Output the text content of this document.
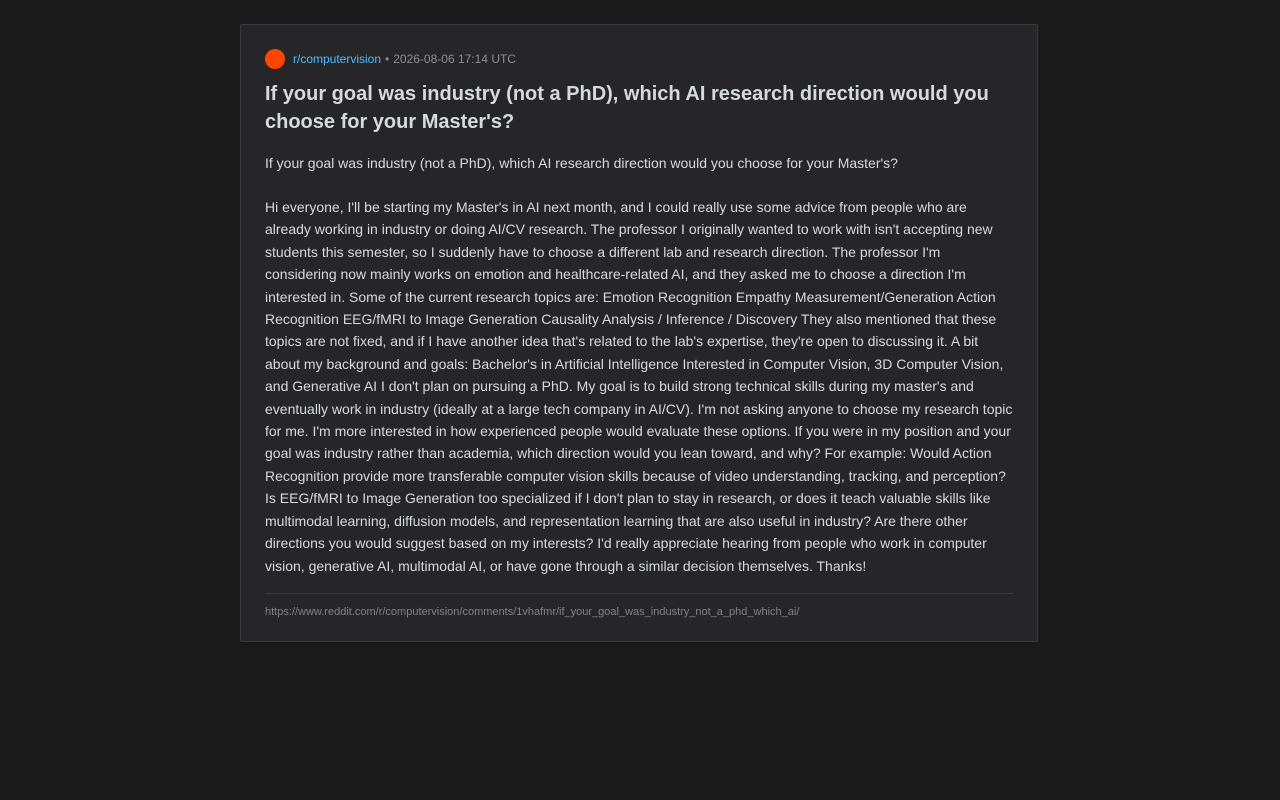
r/computervision • 2026-08-06 17:14 UTC
If your goal was industry (not a PhD), which AI research direction would you choose for your Master's?

If your goal was industry (not a PhD), which AI research direction would you choose for your Master's?

Hi everyone, I'll be starting my Master's in AI next month, and I could really use some advice from people who are already working in industry or doing AI/CV research. The professor I originally wanted to work with isn't accepting new students this semester, so I suddenly have to choose a different lab and research direction. The professor I'm considering now mainly works on emotion and healthcare-related AI, and they asked me to choose a direction I'm interested in. Some of the current research topics are: Emotion Recognition Empathy Measurement/Generation Action Recognition EEG/fMRI to Image Generation Causality Analysis / Inference / Discovery They also mentioned that these topics are not fixed, and if I have another idea that's related to the lab's expertise, they're open to discussing it. A bit about my background and goals: Bachelor's in Artificial Intelligence Interested in Computer Vision, 3D Computer Vision, and Generative AI I don't plan on pursuing a PhD. My goal is to build strong technical skills during my master's and eventually work in industry (ideally at a large tech company in AI/CV). I'm not asking anyone to choose my research topic for me. I'm more interested in how experienced people would evaluate these options. If you were in my position and your goal was industry rather than academia, which direction would you lean toward, and why? For example: Would Action Recognition provide more transferable computer vision skills because of video understanding, tracking, and perception? Is EEG/fMRI to Image Generation too specialized if I don't plan to stay in research, or does it teach valuable skills like multimodal learning, diffusion models, and representation learning that are also useful in industry? Are there other directions you would suggest based on my interests? I'd really appreciate hearing from people who work in computer vision, generative AI, multimodal AI, or have gone through a similar decision themselves. Thanks!

https://www.reddit.com/r/computervision/comments/1vhafmr/if_your_goal_was_industry_not_a_phd_which_ai/
